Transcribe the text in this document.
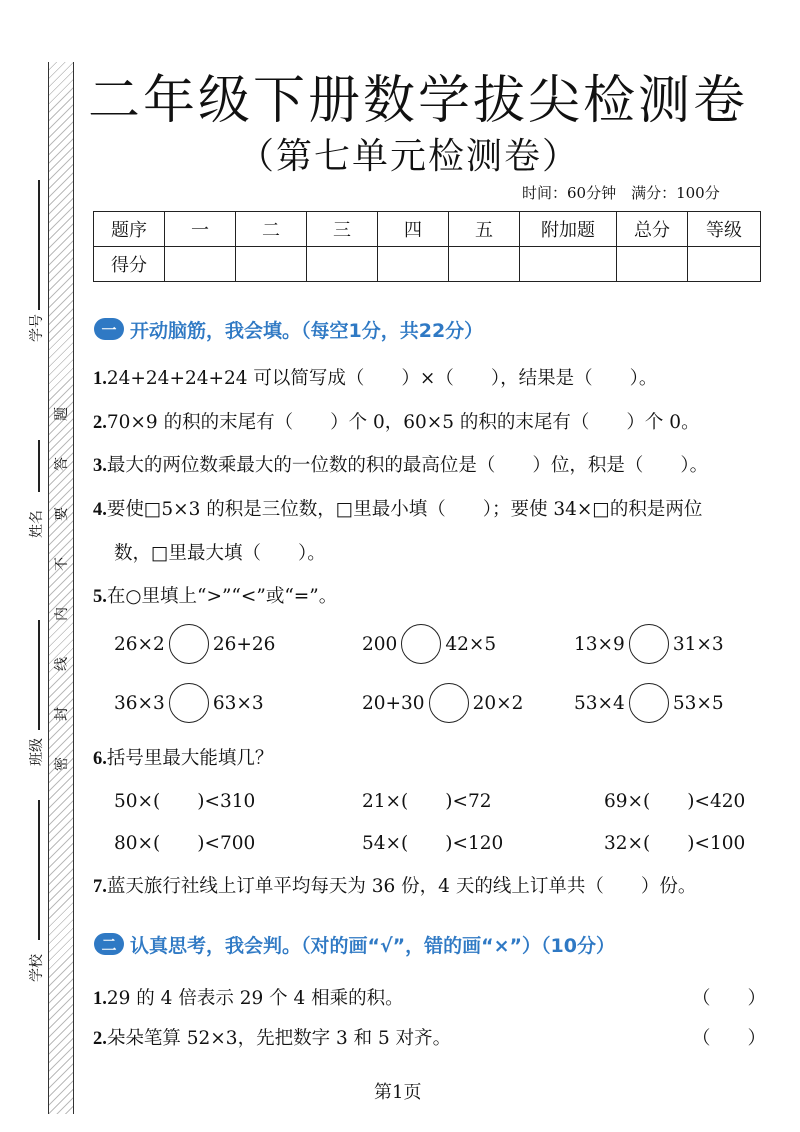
学号
姓名
班级
学校
题
答
要
不
内
线
封
密
二年级下册数学拔尖检测卷
（第七单元检测卷）
时间：60分钟　满分：100分
题序	一	二	三	四	五	附加题	总分	等级
得分								
一 开动脑筋，我会填。（每空1分，共22分）
1.24+24+24+24 可以简写成（　　）×（　　），结果是（　　）。
2.70×9 的积的末尾有（　　）个 0，60×5 的积的末尾有（　　）个 0。
3.最大的两位数乘最大的一位数的积的最高位是（　　）位，积是（　　）。
4.要使□5×3 的积是三位数，□里最小填（　　）；要使 34×□的积是两位
数，□里最大填（　　）。
5.在○里填上“>”“<”或“=”。
26×2	26+26	200	42×5	13×9	31×3
36×3	63×3	20+30	20×2	53×4	53×5
6.括号里最大能填几？
50×(　　)<310	21×(　　)<72	69×(　　)<420
80×(　　)<700	54×(　　)<120	32×(　　)<100
7.蓝天旅行社线上订单平均每天为 36 份，4 天的线上订单共（　　）份。
二 认真思考，我会判。（对的画“√”，错的画“×”）（10分）
1.29 的 4 倍表示 29 个 4 相乘的积。	（　　）
2.朵朵笔算 52×3，先把数字 3 和 5 对齐。	（　　）
第1页
